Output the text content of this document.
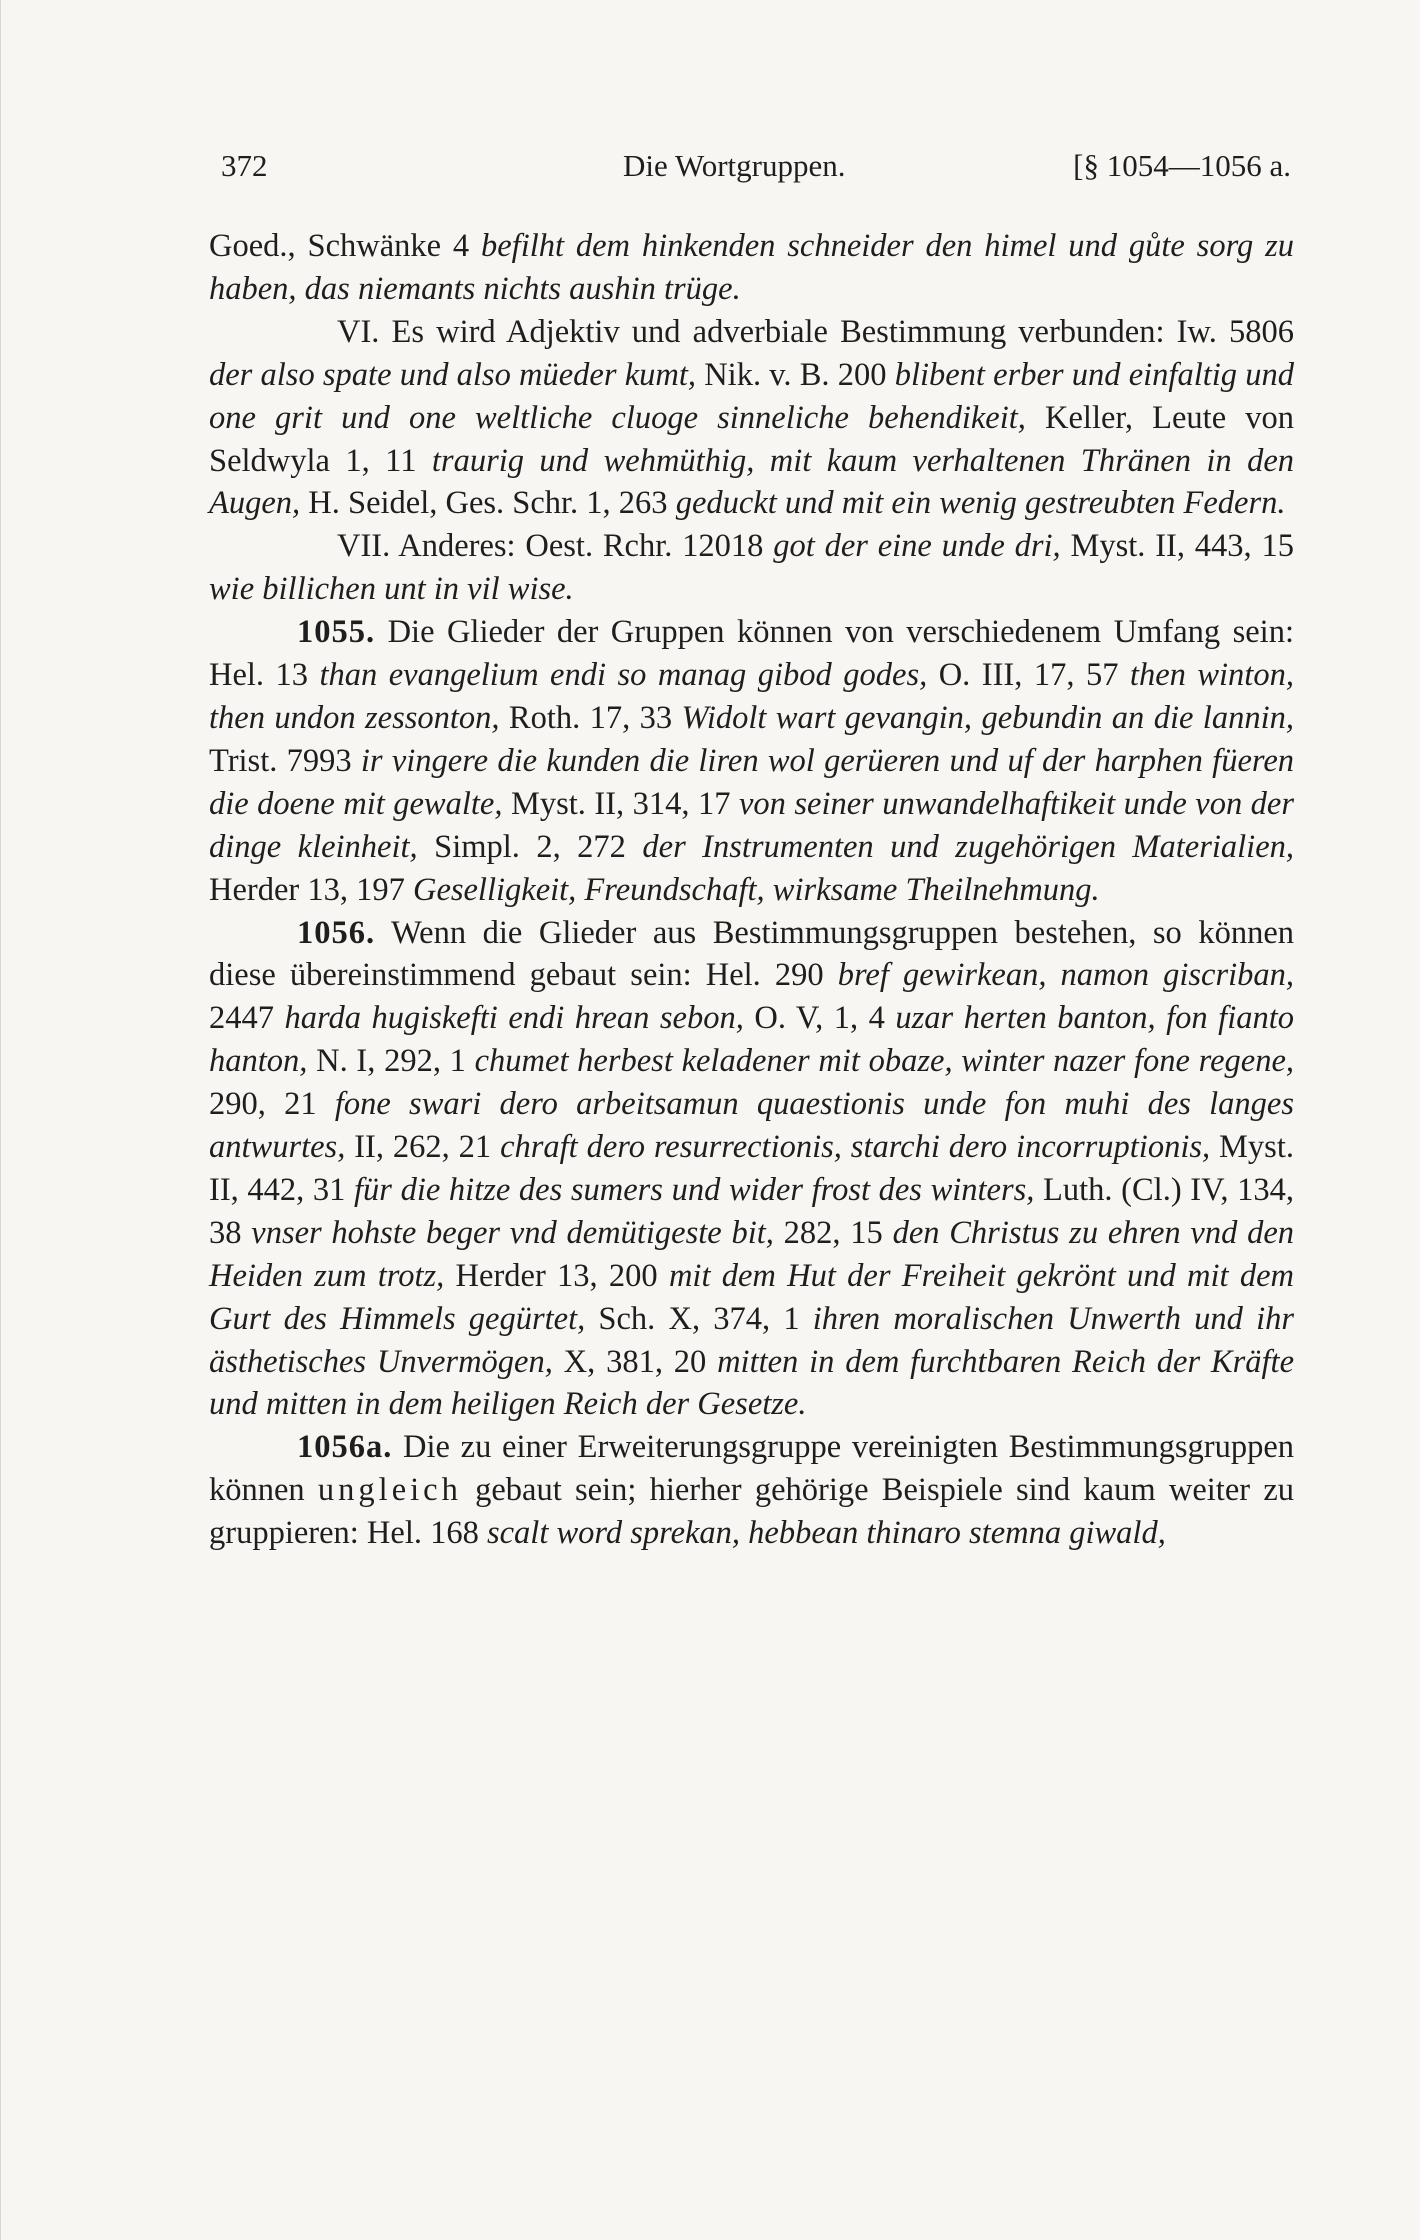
372	Die Wortgruppen.	[§ 1054—1056 a.

Goed., Schwänke 4 befilht dem hinkenden schneider den himel und gůte sorg zu haben, das niemants nichts aushin trüge.

VI. Es wird Adjektiv und adverbiale Bestimmung verbunden: Iw. 5806 der also spate und also müeder kumt, Nik. v. B. 200 blibent erber und einfaltig und one grit und one weltliche cluoge sinneliche behendikeit, Keller, Leute von Seldwyla 1, 11 traurig und wehmüthig, mit kaum verhaltenen Thränen in den Augen, H. Seidel, Ges. Schr. 1, 263 geduckt und mit ein wenig gestreubten Federn.

VII. Anderes: Oest. Rchr. 12018 got der eine unde dri, Myst. II, 443, 15 wie billichen unt in vil wise.

1055. Die Glieder der Gruppen können von verschiedenem Umfang sein: Hel. 13 than evangelium endi so manag gibod godes, O. III, 17, 57 then winton, then undon zessonton, Roth. 17, 33 Widolt wart gevangin, gebundin an die lannin, Trist. 7993 ir vingere die kunden die liren wol gerüeren und uf der harphen füeren die doene mit gewalte, Myst. II, 314, 17 von seiner unwandelhaftikeit unde von der dinge kleinheit, Simpl. 2, 272 der Instrumenten und zugehörigen Materialien, Herder 13, 197 Geselligkeit, Freundschaft, wirksame Theilnehmung.

1056. Wenn die Glieder aus Bestimmungsgruppen bestehen, so können diese übereinstimmend gebaut sein: Hel. 290 bref gewirkean, namon giscriban, 2447 harda hugiskefti endi hrean sebon, O. V, 1, 4 uzar herten banton, fon fianto hanton, N. I, 292, 1 chumet herbest keladener mit obaze, winter nazer fone regene, 290, 21 fone swari dero arbeitsamun quaestionis unde fon muhi des langes antwurtes, II, 262, 21 chraft dero resurrectionis, starchi dero incorruptionis, Myst. II, 442, 31 für die hitze des sumers und wider frost des winters, Luth. (Cl.) IV, 134, 38 vnser hohste beger vnd demütigeste bit, 282, 15 den Christus zu ehren vnd den Heiden zum trotz, Herder 13, 200 mit dem Hut der Freiheit gekrönt und mit dem Gurt des Himmels gegürtet, Sch. X, 374, 1 ihren moralischen Unwerth und ihr ästhetisches Unvermögen, X, 381, 20 mitten in dem furchtbaren Reich der Kräfte und mitten in dem heiligen Reich der Gesetze.

1056a. Die zu einer Erweiterungsgruppe vereinigten Bestimmungsgruppen können ungleich gebaut sein; hierher gehörige Beispiele sind kaum weiter zu gruppieren: Hel. 168 scalt word sprekan, hebbean thinaro stemna giwald,
